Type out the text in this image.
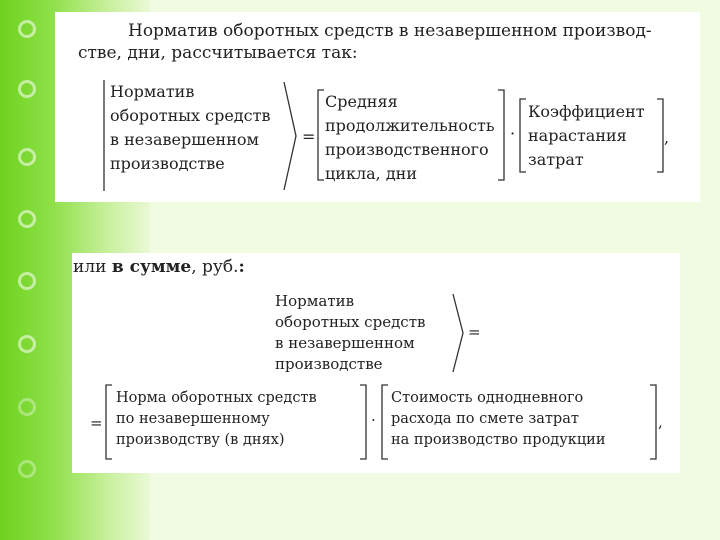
Норматив оборотных средств в незавершенном производ-
стве, дни, рассчитывается так:
Норматив
оборотных средств
в незавершенном
производстве
=
Средняя
продолжительность
производственного
цикла, дни
·
Коэффициент
нарастания
затрат
,
или в сумме, руб.:
Норматив
оборотных средств
в незавершенном
производстве
=
=
Норма оборотных средств
по незавершенному
производству (в днях)
·
Стоимость однодневного
расхода по смете затрат
на производство продукции
,
